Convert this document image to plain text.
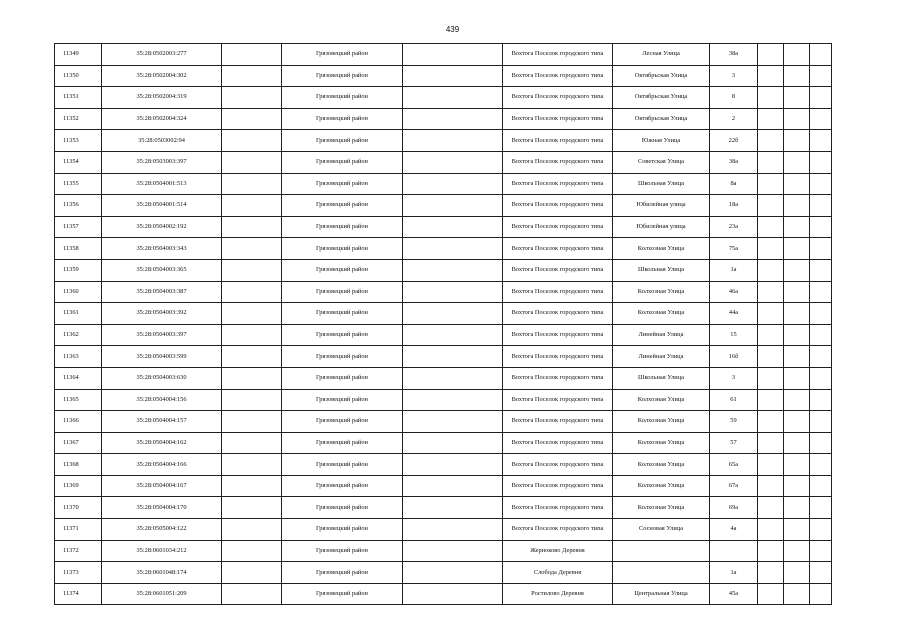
439
11349	35:28:0502003:277		Грязовецкий район		Вохтога Поселок городского типа	Лесная Улица	38а			
11350	35:28:0502004:302		Грязовецкий район		Вохтога Поселок городского типа	Октябрьская Улица	3			
11351	35:28:0502004:319		Грязовецкий район		Вохтога Поселок городского типа	Октябрьская Улица	8			
11352	35:28:0502004:324		Грязовецкий район		Вохтога Поселок городского типа	Октябрьская Улица	2			
11353	35:28:0503002:94		Грязовецкий район		Вохтога Поселок городского типа	Южная Улица	22б			
11354	35:28:0503003:397		Грязовецкий район		Вохтога Поселок городского типа	Советская Улица	38а			
11355	35:28:0504001:513		Грязовецкий район		Вохтога Поселок городского типа	Школьная Улица	8а			
11356	35:28:0504001:514		Грязовецкий район		Вохтога Поселок городского типа	Юбилейная улица	18а			
11357	35:28:0504002:192		Грязовецкий район		Вохтога Поселок городского типа	Юбилейная улица	23а			
11358	35:28:0504003:343		Грязовецкий район		Вохтога Поселок городского типа	Колхозная Улица	75а			
11359	35:28:0504003:365		Грязовецкий район		Вохтога Поселок городского типа	Школьная Улица	1а			
11360	35:28:0504003:387		Грязовецкий район		Вохтога Поселок городского типа	Колхозная Улица	46а			
11361	35:28:0504003:392		Грязовецкий район		Вохтога Поселок городского типа	Колхозная Улица	44а			
11362	35:28:0504003:397		Грязовецкий район		Вохтога Поселок городского типа	Линейная Улица	15			
11363	35:28:0504003:599		Грязовецкий район		Вохтога Поселок городского типа	Линейная Улица	16б			
11364	35:28:0504003:630		Грязовецкий район		Вохтога Поселок городского типа	Школьная Улица	3			
11365	35:28:0504004:156		Грязовецкий район		Вохтога Поселок городского типа	Колхозная Улица	61			
11366	35:28:0504004:157		Грязовецкий район		Вохтога Поселок городского типа	Колхозная Улица	59			
11367	35:28:0504004:162		Грязовецкий район		Вохтога Поселок городского типа	Колхозная Улица	57			
11368	35:28:0504004:166		Грязовецкий район		Вохтога Поселок городского типа	Колхозная Улица	65а			
11369	35:28:0504004:167		Грязовецкий район		Вохтога Поселок городского типа	Колхозная Улица	67а			
11370	35:28:0504004:170		Грязовецкий район		Вохтога Поселок городского типа	Колхозная Улица	69а			
11371	35:28:0505004:122		Грязовецкий район		Вохтога Поселок городского типа	Сосновая Улица	4а			
11372	35:28:0601034:212		Грязовецкий район		Жерноково Деревня					
11373	35:28:0601048:174		Грязовецкий район		Слобода Деревня		1а			
11374	35:28:0601051:209		Грязовецкий район		Ростилово Деревня	Центральная Улица	45а			
